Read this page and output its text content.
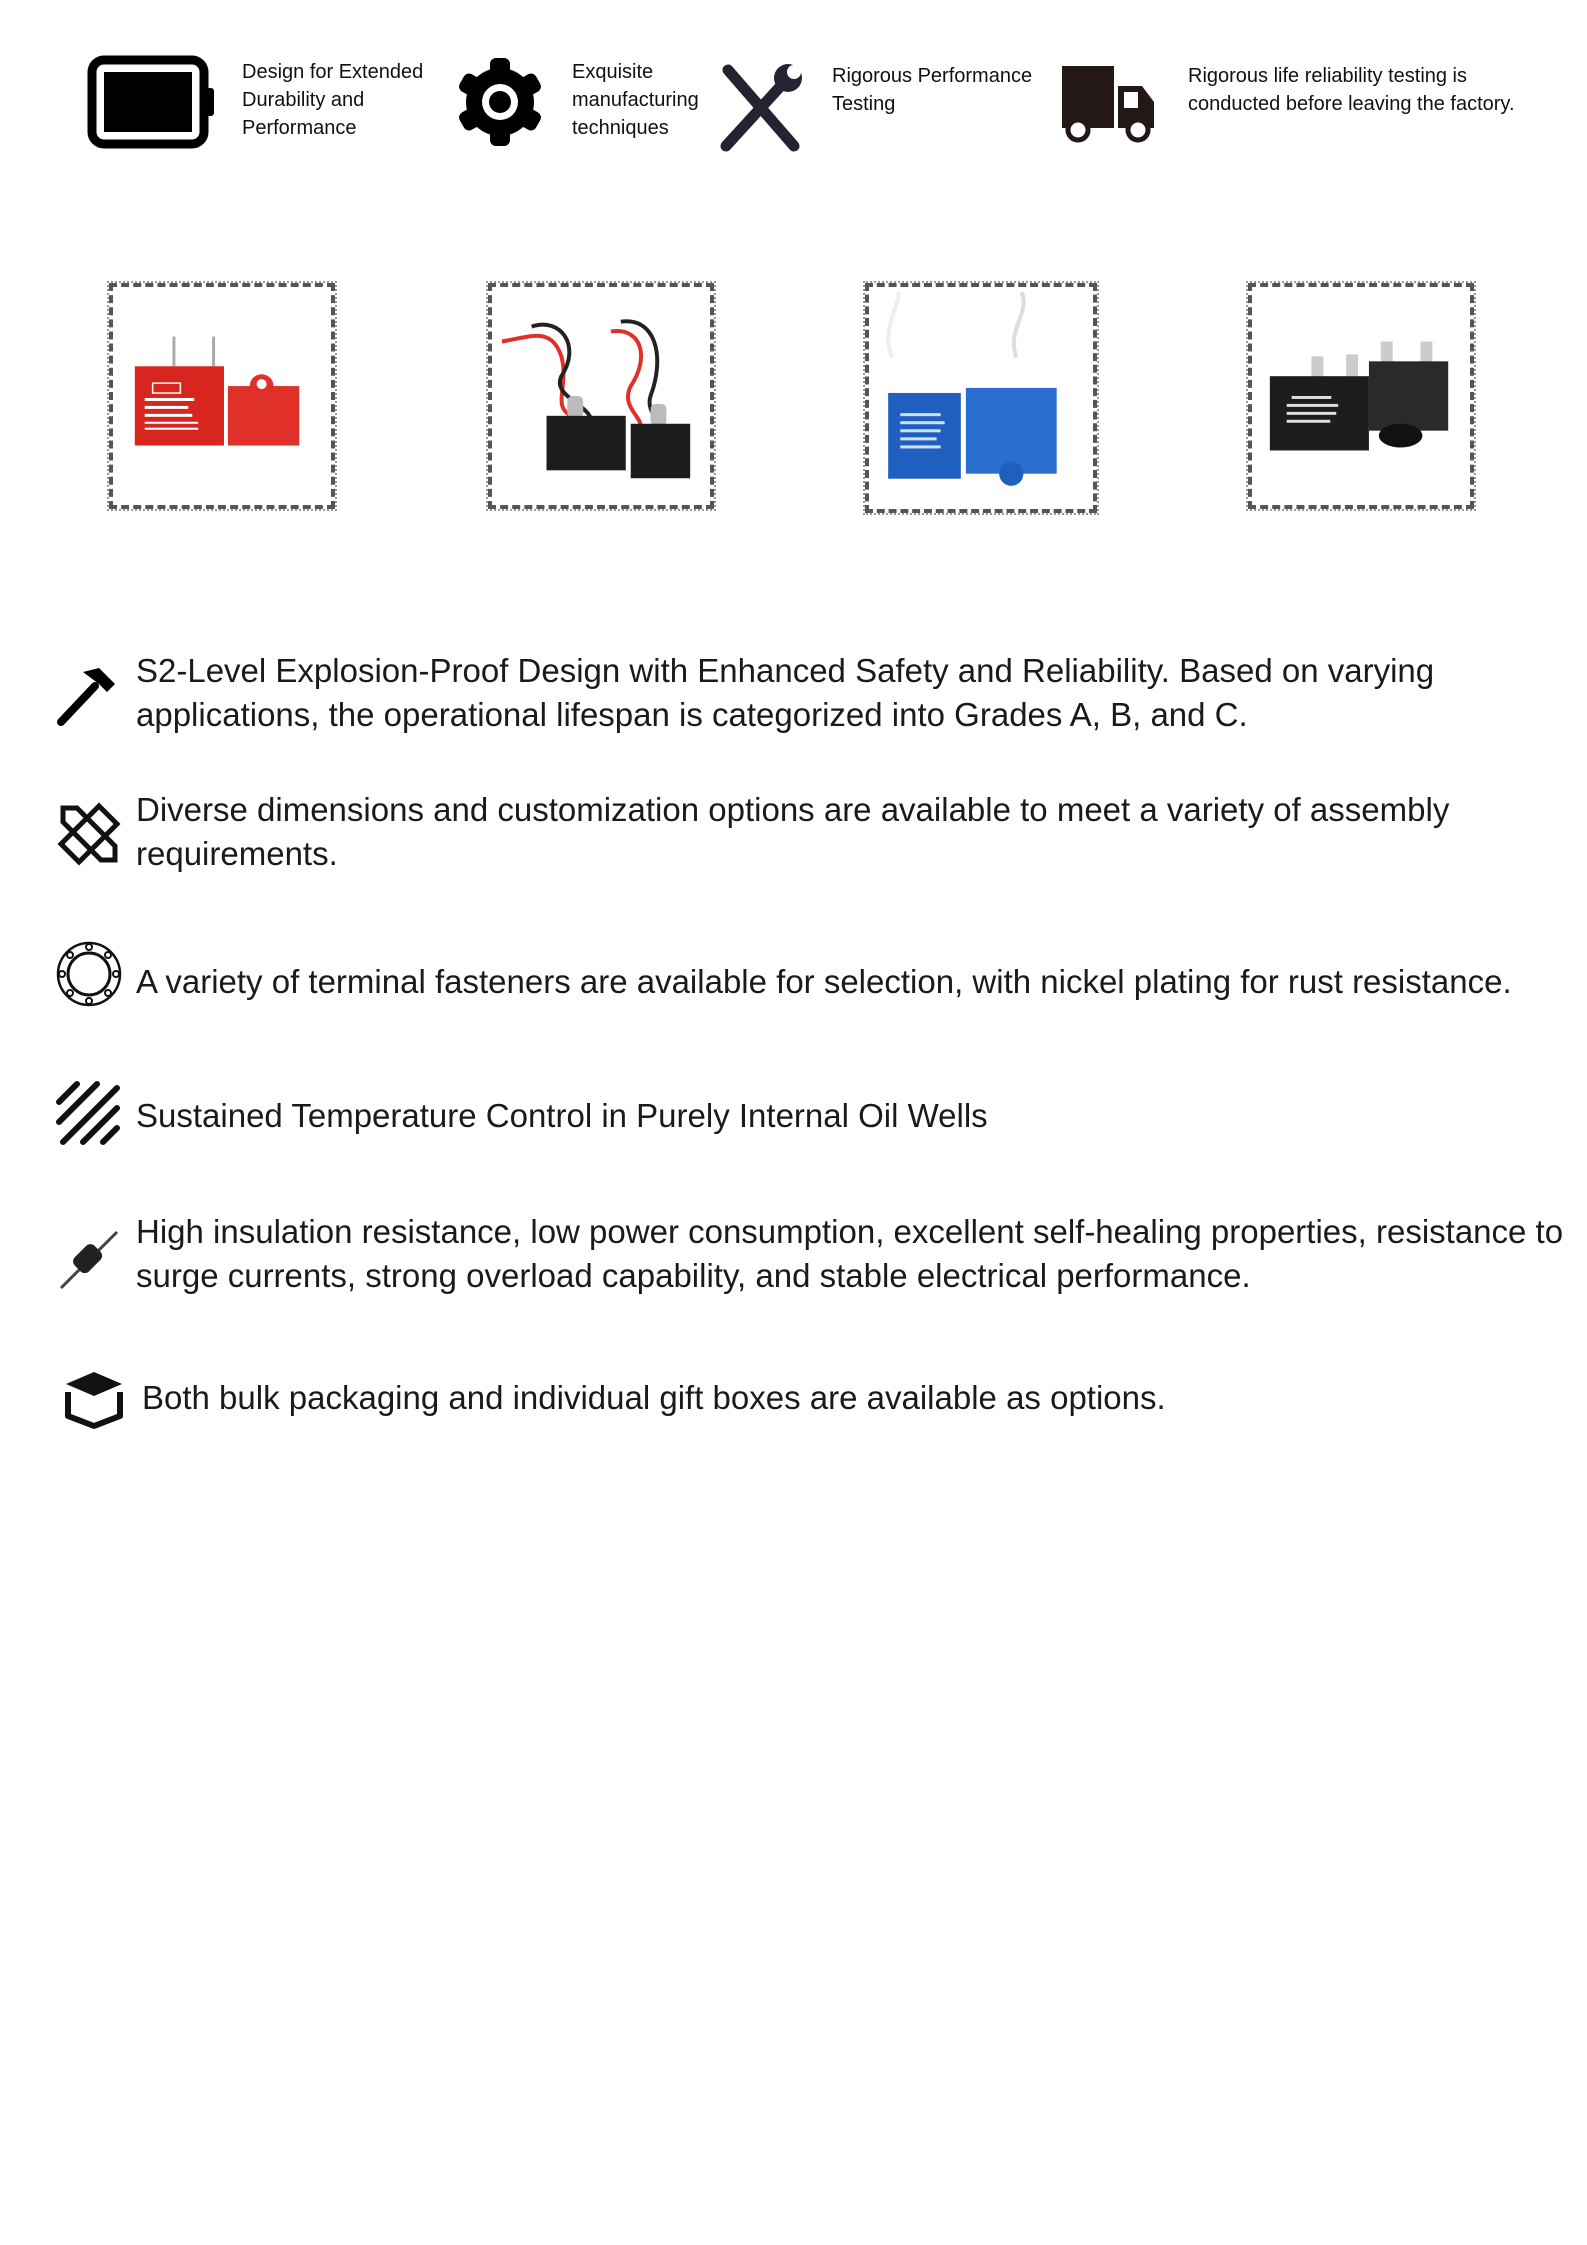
Design for Extended Durability and Performance
Exquisite manufacturing techniques
Rigorous Performance Testing
Rigorous life reliability testing is conducted before leaving the factory.
S2-Level Explosion-Proof Design with Enhanced Safety and Reliability. Based on varying applications, the operational lifespan is categorized into Grades A, B, and C.
Diverse dimensions and customization options are available to meet a variety of assembly requirements.
A variety of terminal fasteners are available for selection, with nickel plating for rust resistance.
Sustained Temperature Control in Purely Internal Oil Wells
High insulation resistance, low power consumption, excellent self-healing properties, resistance to surge currents, strong overload capability, and stable electrical performance.
Both bulk packaging and individual gift boxes are available as options.
